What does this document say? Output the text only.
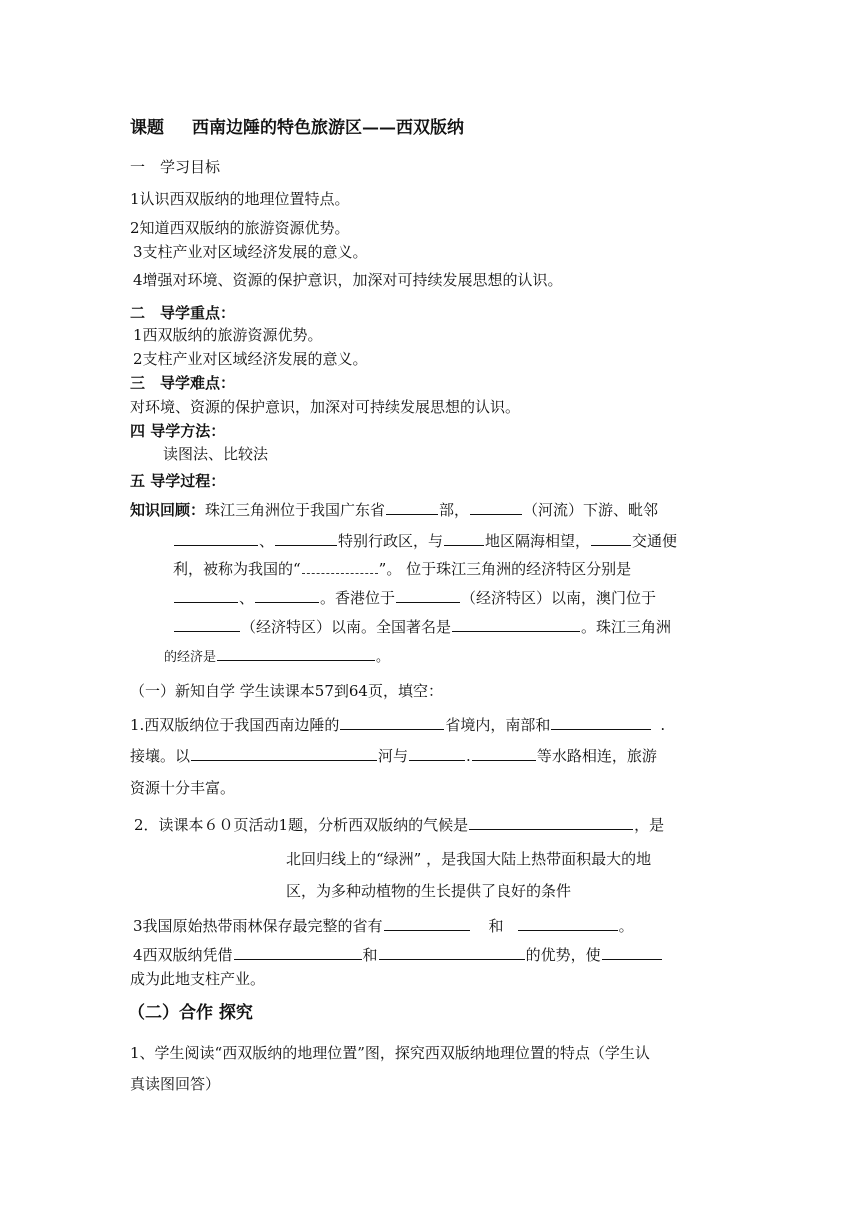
课题 西南边陲的特色旅游区——西双版纳
一　学习目标
1认识西双版纳的地理位置特点。
2知道西双版纳的旅游资源优势。
3支柱产业对区域经济发展的意义。
4增强对环境、资源的保护意识，加深对可持续发展思想的认识。
二　导学重点：
1西双版纳的旅游资源优势。
2支柱产业对区域经济发展的意义。
三　导学难点：
对环境、资源的保护意识，加深对可持续发展思想的认识。
四 导学方法：
读图法、比较法
五 导学过程：
知识回顾：珠江三角洲位于我国广东省	部，	（河流）下游、毗邻
、	特别行政区，与	地区隔海相望，	交通便
利，被称为我国的“	”。 位于珠江三角洲的经济特区分别是
、	。香港位于	（经济特区）以南，澳门位于
（经济特区）以南。全国著名是	。珠江三角洲
的经济是	。
（一）新知自学 学生读课本57到64页，填空：
1.西双版纳位于我国西南边陲的	省境内，南部和	.
接壤。以	河与	.	等水路相连，旅游
资源十分丰富。
2．读课本６０页活动1题，分析西双版纳的气候是	，是
北回归线上的“绿洲” ，是我国大陆上热带面积最大的地
区，为多种动植物的生长提供了良好的条件
3我国原始热带雨林保存最完整的省有	和	。
4西双版纳凭借	和	的优势，使
成为此地支柱产业。
（二）合作 探究
1、学生阅读“西双版纳的地理位置”图，探究西双版纳地理位置的特点（学生认
真读图回答）
